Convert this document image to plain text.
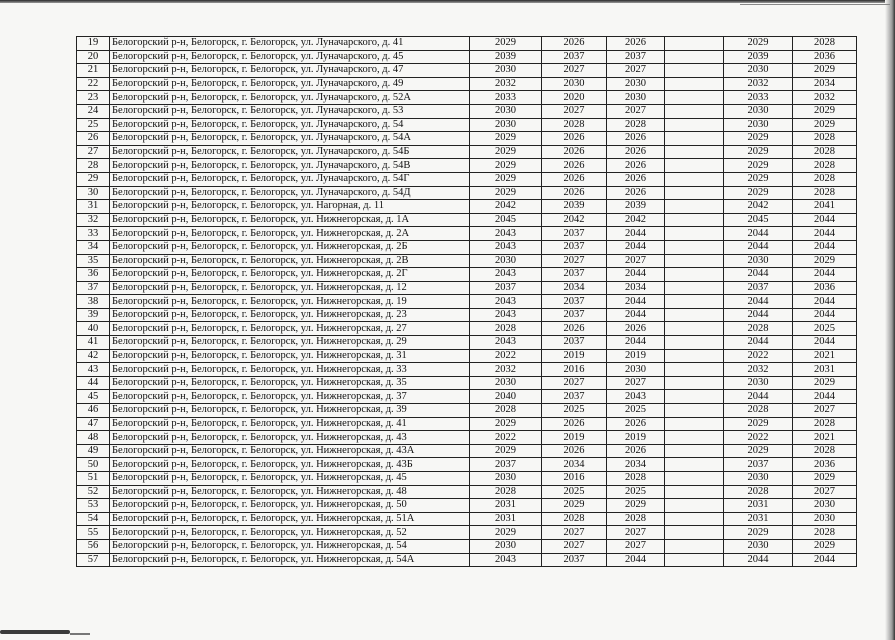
19	Белогорский р-н, Белогорск, г. Белогорск, ул. Луначарского, д. 41	2029	2026	2026		2029	2028
20	Белогорский р-н, Белогорск, г. Белогорск, ул. Луначарского, д. 45	2039	2037	2037		2039	2036
21	Белогорский р-н, Белогорск, г. Белогорск, ул. Луначарского, д. 47	2030	2027	2027		2030	2029
22	Белогорский р-н, Белогорск, г. Белогорск, ул. Луначарского, д. 49	2032	2030	2030		2032	2034
23	Белогорский р-н, Белогорск, г. Белогорск, ул. Луначарского, д. 52А	2033	2020	2030		2033	2032
24	Белогорский р-н, Белогорск, г. Белогорск, ул. Луначарского, д. 53	2030	2027	2027		2030	2029
25	Белогорский р-н, Белогорск, г. Белогорск, ул. Луначарского, д. 54	2030	2028	2028		2030	2029
26	Белогорский р-н, Белогорск, г. Белогорск, ул. Луначарского, д. 54А	2029	2026	2026		2029	2028
27	Белогорский р-н, Белогорск, г. Белогорск, ул. Луначарского, д. 54Б	2029	2026	2026		2029	2028
28	Белогорский р-н, Белогорск, г. Белогорск, ул. Луначарского, д. 54В	2029	2026	2026		2029	2028
29	Белогорский р-н, Белогорск, г. Белогорск, ул. Луначарского, д. 54Г	2029	2026	2026		2029	2028
30	Белогорский р-н, Белогорск, г. Белогорск, ул. Луначарского, д. 54Д	2029	2026	2026		2029	2028
31	Белогорский р-н, Белогорск, г. Белогорск, ул. Нагорная, д. 11	2042	2039	2039		2042	2041
32	Белогорский р-н, Белогорск, г. Белогорск, ул. Нижнегорская, д. 1А	2045	2042	2042		2045	2044
33	Белогорский р-н, Белогорск, г. Белогорск, ул. Нижнегорская, д. 2А	2043	2037	2044		2044	2044
34	Белогорский р-н, Белогорск, г. Белогорск, ул. Нижнегорская, д. 2Б	2043	2037	2044		2044	2044
35	Белогорский р-н, Белогорск, г. Белогорск, ул. Нижнегорская, д. 2В	2030	2027	2027		2030	2029
36	Белогорский р-н, Белогорск, г. Белогорск, ул. Нижнегорская, д. 2Г	2043	2037	2044		2044	2044
37	Белогорский р-н, Белогорск, г. Белогорск, ул. Нижнегорская, д. 12	2037	2034	2034		2037	2036
38	Белогорский р-н, Белогорск, г. Белогорск, ул. Нижнегорская, д. 19	2043	2037	2044		2044	2044
39	Белогорский р-н, Белогорск, г. Белогорск, ул. Нижнегорская, д. 23	2043	2037	2044		2044	2044
40	Белогорский р-н, Белогорск, г. Белогорск, ул. Нижнегорская, д. 27	2028	2026	2026		2028	2025
41	Белогорский р-н, Белогорск, г. Белогорск, ул. Нижнегорская, д. 29	2043	2037	2044		2044	2044
42	Белогорский р-н, Белогорск, г. Белогорск, ул. Нижнегорская, д. 31	2022	2019	2019		2022	2021
43	Белогорский р-н, Белогорск, г. Белогорск, ул. Нижнегорская, д. 33	2032	2016	2030		2032	2031
44	Белогорский р-н, Белогорск, г. Белогорск, ул. Нижнегорская, д. 35	2030	2027	2027		2030	2029
45	Белогорский р-н, Белогорск, г. Белогорск, ул. Нижнегорская, д. 37	2040	2037	2043		2044	2044
46	Белогорский р-н, Белогорск, г. Белогорск, ул. Нижнегорская, д. 39	2028	2025	2025		2028	2027
47	Белогорский р-н, Белогорск, г. Белогорск, ул. Нижнегорская, д. 41	2029	2026	2026		2029	2028
48	Белогорский р-н, Белогорск, г. Белогорск, ул. Нижнегорская, д. 43	2022	2019	2019		2022	2021
49	Белогорский р-н, Белогорск, г. Белогорск, ул. Нижнегорская, д. 43А	2029	2026	2026		2029	2028
50	Белогорский р-н, Белогорск, г. Белогорск, ул. Нижнегорская, д. 43Б	2037	2034	2034		2037	2036
51	Белогорский р-н, Белогорск, г. Белогорск, ул. Нижнегорская, д. 45	2030	2016	2028		2030	2029
52	Белогорский р-н, Белогорск, г. Белогорск, ул. Нижнегорская, д. 48	2028	2025	2025		2028	2027
53	Белогорский р-н, Белогорск, г. Белогорск, ул. Нижнегорская, д. 50	2031	2029	2029		2031	2030
54	Белогорский р-н, Белогорск, г. Белогорск, ул. Нижнегорская, д. 51А	2031	2028	2028		2031	2030
55	Белогорский р-н, Белогорск, г. Белогорск, ул. Нижнегорская, д. 52	2029	2027	2027		2029	2028
56	Белогорский р-н, Белогорск, г. Белогорск, ул. Нижнегорская, д. 54	2030	2027	2027		2030	2029
57	Белогорский р-н, Белогорск, г. Белогорск, ул. Нижнегорская, д. 54А	2043	2037	2044		2044	2044
